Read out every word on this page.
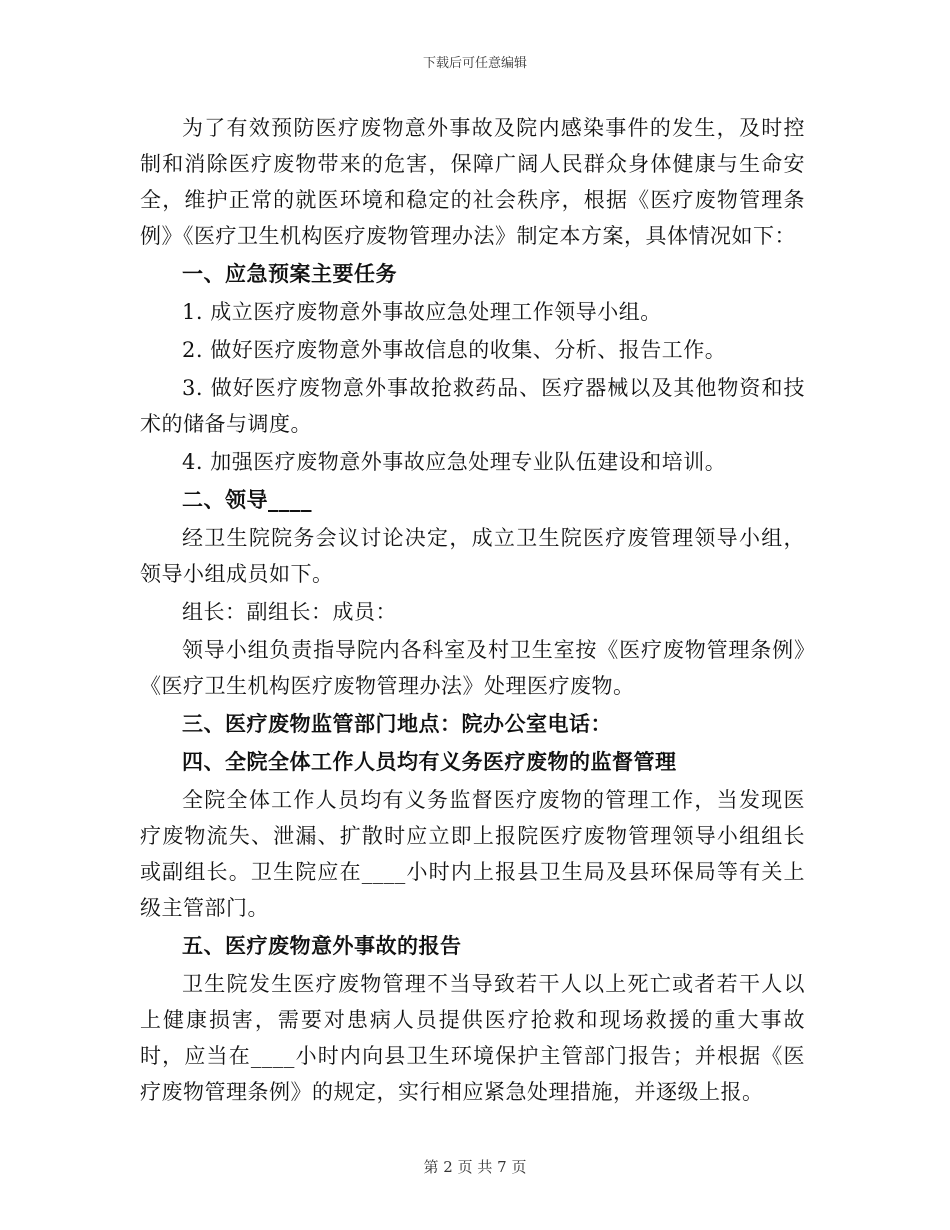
下载后可任意编辑

为了有效预防医疗废物意外事故及院内感染事件的发生，及时控制和消除医疗废物带来的危害，保障广阔人民群众身体健康与生命安全，维护正常的就医环境和稳定的社会秩序，根据《医疗废物管理条例》《医疗卫生机构医疗废物管理办法》制定本方案，具体情况如下：

一、应急预案主要任务

1. 成立医疗废物意外事故应急处理工作领导小组。

2. 做好医疗废物意外事故信息的收集、分析、报告工作。

3. 做好医疗废物意外事故抢救药品、医疗器械以及其他物资和技术的储备与调度。

4. 加强医疗废物意外事故应急处理专业队伍建设和培训。

二、领导____

经卫生院院务会议讨论决定，成立卫生院医疗废管理领导小组，领导小组成员如下。

组长：副组长：成员：

领导小组负责指导院内各科室及村卫生室按《医疗废物管理条例》《医疗卫生机构医疗废物管理办法》处理医疗废物。

三、医疗废物监管部门地点：院办公室电话：

四、全院全体工作人员均有义务医疗废物的监督管理

全院全体工作人员均有义务监督医疗废物的管理工作，当发现医疗废物流失、泄漏、扩散时应立即上报院医疗废物管理领导小组组长或副组长。卫生院应在____小时内上报县卫生局及县环保局等有关上级主管部门。

五、医疗废物意外事故的报告

卫生院发生医疗废物管理不当导致若干人以上死亡或者若干人以上健康损害，需要对患病人员提供医疗抢救和现场救援的重大事故时，应当在____小时内向县卫生环境保护主管部门报告；并根据《医疗废物管理条例》的规定，实行相应紧急处理措施，并逐级上报。

第 2 页 共 7 页
